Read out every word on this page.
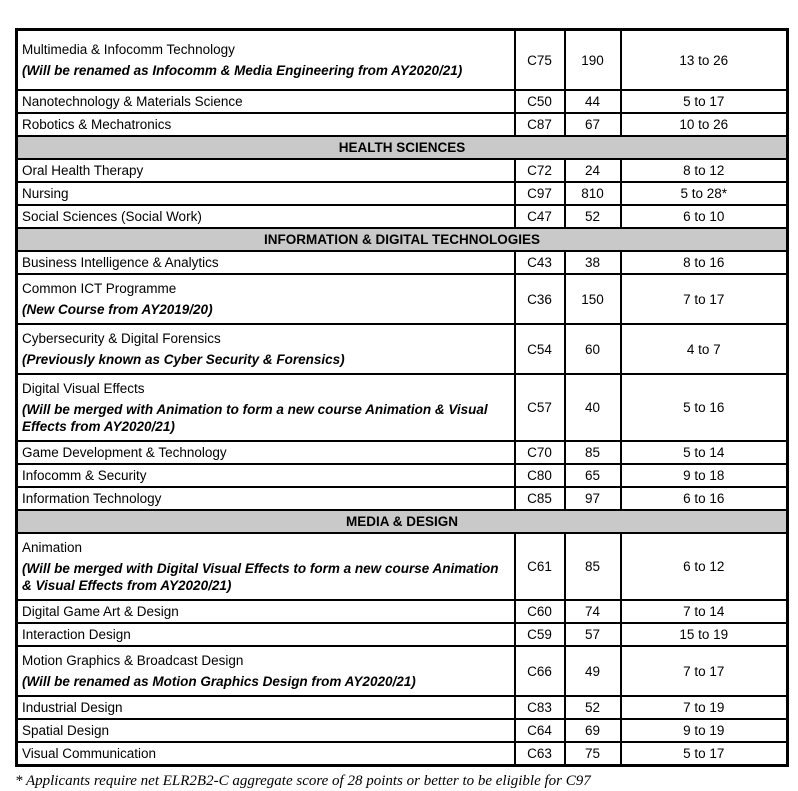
Multimedia & Infocomm Technology
(Will be renamed as Infocomm & Media Engineering from AY2020/21)	C75	190	13 to 26

Nanotechnology & Materials Science	C50	44	5 to 17

Robotics & Mechatronics	C87	67	10 to 26
HEALTH SCIENCES			

Oral Health Therapy	C72	24	8 to 12

Nursing	C97	810	5 to 28*

Social Sciences (Social Work)	C47	52	6 to 10
INFORMATION & DIGITAL TECHNOLOGIES			

Business Intelligence & Analytics	C43	38	8 to 16

Common ICT Programme
(New Course from AY2019/20)	C36	150	7 to 17

Cybersecurity & Digital Forensics
(Previously known as Cyber Security & Forensics)	C54	60	4 to 7

Digital Visual Effects
(Will be merged with Animation to form a new course Animation & Visual Effects from AY2020/21)	C57	40	5 to 16

Game Development & Technology	C70	85	5 to 14

Infocomm & Security	C80	65	9 to 18

Information Technology	C85	97	6 to 16
MEDIA & DESIGN			

Animation
(Will be merged with Digital Visual Effects to form a new course Animation & Visual Effects from AY2020/21)	C61	85	6 to 12

Digital Game Art & Design	C60	74	7 to 14

Interaction Design	C59	57	15 to 19

Motion Graphics & Broadcast Design
(Will be renamed as Motion Graphics Design from AY2020/21)	C66	49	7 to 17

Industrial Design	C83	52	7 to 19

Spatial Design	C64	69	9 to 19

Visual Communication	C63	75	5 to 17

* Applicants require net ELR2B2-C aggregate score of 28 points or better to be eligible for C97
